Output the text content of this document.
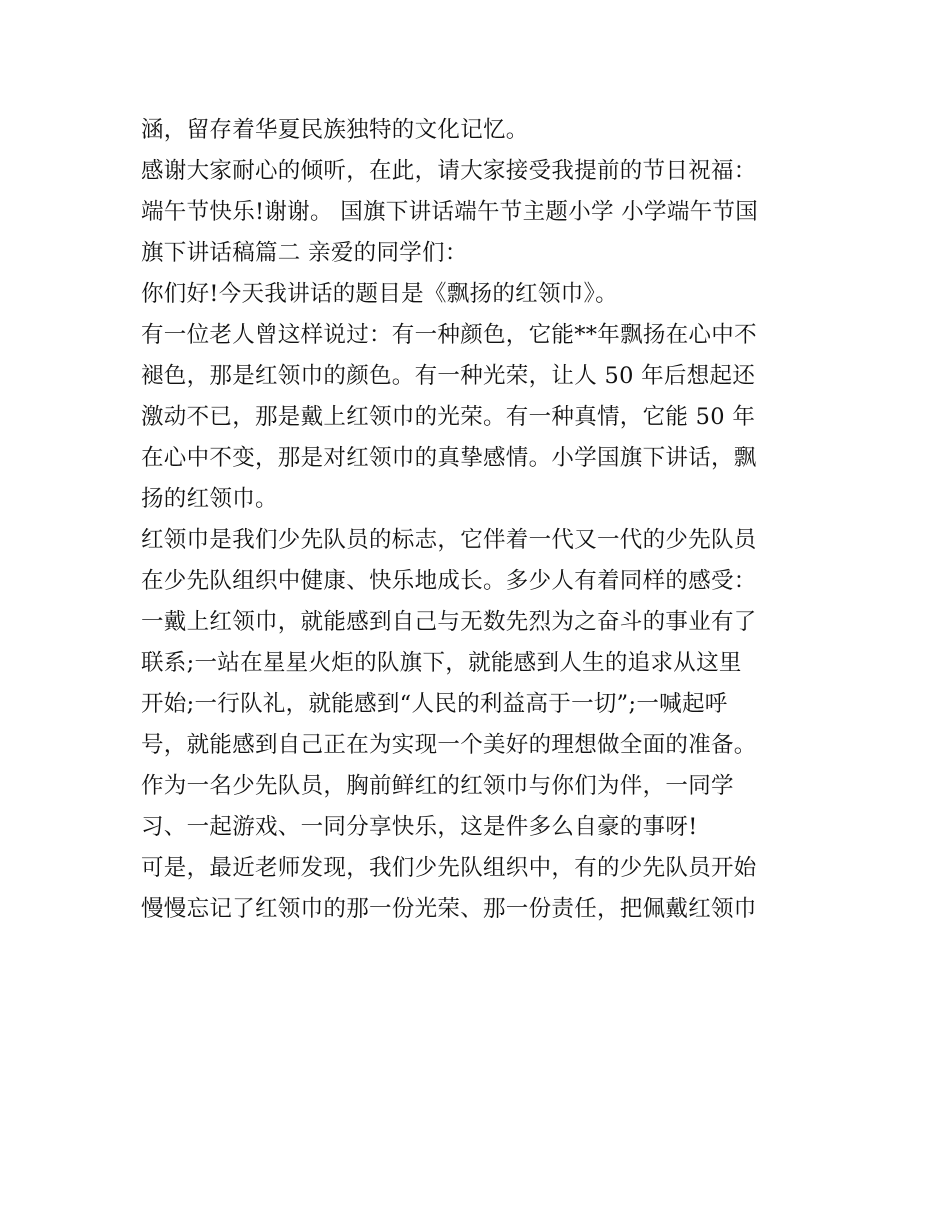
涵，留存着华夏民族独特的文化记忆。
感谢大家耐心的倾听，在此，请大家接受我提前的节日祝福：
端午节快乐!谢谢。 国旗下讲话端午节主题小学 小学端午节国
旗下讲话稿篇二 亲爱的同学们：
你们好!今天我讲话的题目是《飘扬的红领巾》。
有一位老人曾这样说过：有一种颜色，它能**年飘扬在心中不
褪色，那是红领巾的颜色。有一种光荣，让人 50 年后想起还
激动不已，那是戴上红领巾的光荣。有一种真情，它能 50 年
在心中不变，那是对红领巾的真挚感情。小学国旗下讲话，飘
扬的红领巾。
红领巾是我们少先队员的标志，它伴着一代又一代的少先队员
在少先队组织中健康、快乐地成长。多少人有着同样的感受：
一戴上红领巾，就能感到自己与无数先烈为之奋斗的事业有了
联系;一站在星星火炬的队旗下，就能感到人生的追求从这里
开始;一行队礼，就能感到“人民的利益高于一切”;一喊起呼
号，就能感到自己正在为实现一个美好的理想做全面的准备。
作为一名少先队员，胸前鲜红的红领巾与你们为伴，一同学
习、一起游戏、一同分享快乐，这是件多么自豪的事呀!
可是，最近老师发现，我们少先队组织中，有的少先队员开始
慢慢忘记了红领巾的那一份光荣、那一份责任，把佩戴红领巾
